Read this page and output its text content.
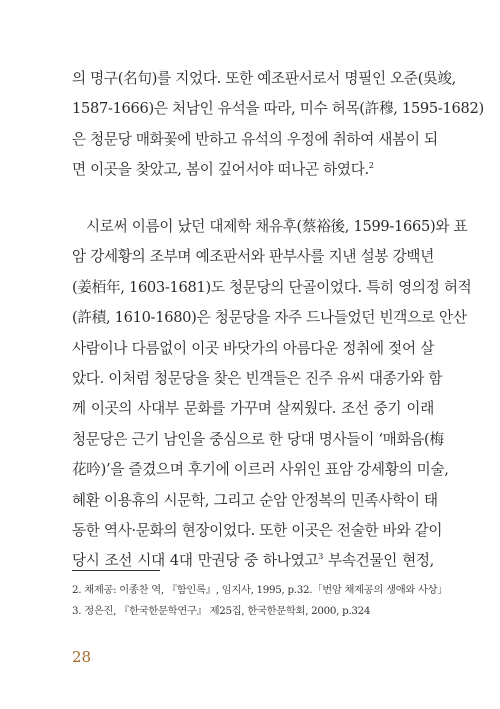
의 명구(名句)를 지었다. 또한 예조판서로서 명필인 오준(吳竣,
1587-1666)은 처남인 유석을 따라, 미수 허목(許穆, 1595-1682)
은 청문당 매화꽃에 반하고 유석의 우정에 취하여 새봄이 되
면 이곳을 찾았고, 봄이 깊어서야 떠나곤 하였다.$^2$
시로써 이름이 났던 대제학 채유후(蔡裕後, 1599-1665)와 표
암 강세황의 조부며 예조판서와 판부사를 지낸 설봉 강백년
(姜栢年, 1603-1681)도 청문당의 단골이었다. 특히 영의정 허적
(許積, 1610-1680)은 청문당을 자주 드나들었던 빈객으로 안산
사람이나 다름없이 이곳 바닷가의 아름다운 정취에 젖어 살
았다. 이처럼 청문당을 찾은 빈객들은 진주 유씨 대종가와 함
께 이곳의 사대부 문화를 가꾸며 살찌웠다. 조선 중기 이래
청문당은 근기 남인을 중심으로 한 당대 명사들이 ‘매화음(梅
花吟)’을 즐겼으며 후기에 이르러 사위인 표암 강세황의 미술,
혜환 이용휴의 시문학, 그리고 순암 안정복의 민족사학이 태
동한 역사·문화의 현장이었다. 또한 이곳은 전술한 바와 같이
당시 조선 시대 4대 만권당 중 하나였고$^3$ 부속건물인 현정,
2. 채제공: 이종찬 역, 『함인록』, 임지사, 1995, p.32.「번암 채제공의 생애와 사상」
3. 정은진, 『한국한문학연구』 제25집, 한국한문학회, 2000, p.324
28
